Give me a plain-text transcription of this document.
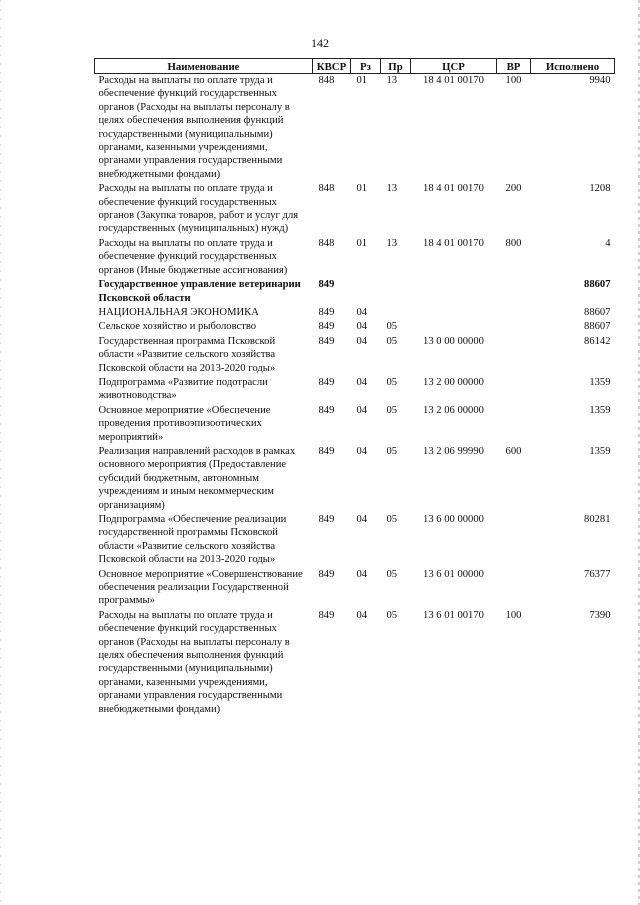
142
Наименование	КВСР	Рз	Пр	ЦСР	ВР	Исполнено
Расходы на выплаты по оплате труда и обеспечение функций государственных органов (Расходы на выплаты персоналу в целях обеспечения выполнения функций государственными (муниципальными) органами, казенными учреждениями, органами управления государственными внебюджетными фондами)	848	01	13	18 4 01 00170	100	9940
Расходы на выплаты по оплате труда и обеспечение функций государственных органов (Закупка товаров, работ и услуг для государственных (муниципальных) нужд)	848	01	13	18 4 01 00170	200	1208
Расходы на выплаты по оплате труда и обеспечение функций государственных органов (Иные бюджетные ассигнования)	848	01	13	18 4 01 00170	800	4
Государственное управление ветеринарии Псковской области	849					88607
НАЦИОНАЛЬНАЯ ЭКОНОМИКА	849	04				88607
Сельское хозяйство и рыболовство	849	04	05			88607
Государственная программа Псковской области «Развитие сельского хозяйства Псковской области на 2013-2020 годы»	849	04	05	13 0 00 00000		86142
Подпрограмма «Развитие подотрасли животноводства»	849	04	05	13 2 00 00000		1359
Основное мероприятие «Обеспечение проведения противоэпизоотических мероприятий»	849	04	05	13 2 06 00000		1359
Реализация направлений расходов в рамках основного мероприятия (Предоставление субсидий бюджетным, автономным учреждениям и иным некоммерческим организациям)	849	04	05	13 2 06 99990	600	1359
Подпрограмма «Обеспечение реализации государственной программы Псковской области «Развитие сельского хозяйства Псковской области на 2013-2020 годы»	849	04	05	13 6 00 00000		80281
Основное мероприятие «Совершенствование обеспечения реализации Государственной программы»	849	04	05	13 6 01 00000		76377
Расходы на выплаты по оплате труда и обеспечение функций государственных органов (Расходы на выплаты персоналу в целях обеспечения выполнения функций государственными (муниципальными) органами, казенными учреждениями, органами управления государственными внебюджетными фондами)	849	04	05	13 6 01 00170	100	7390
